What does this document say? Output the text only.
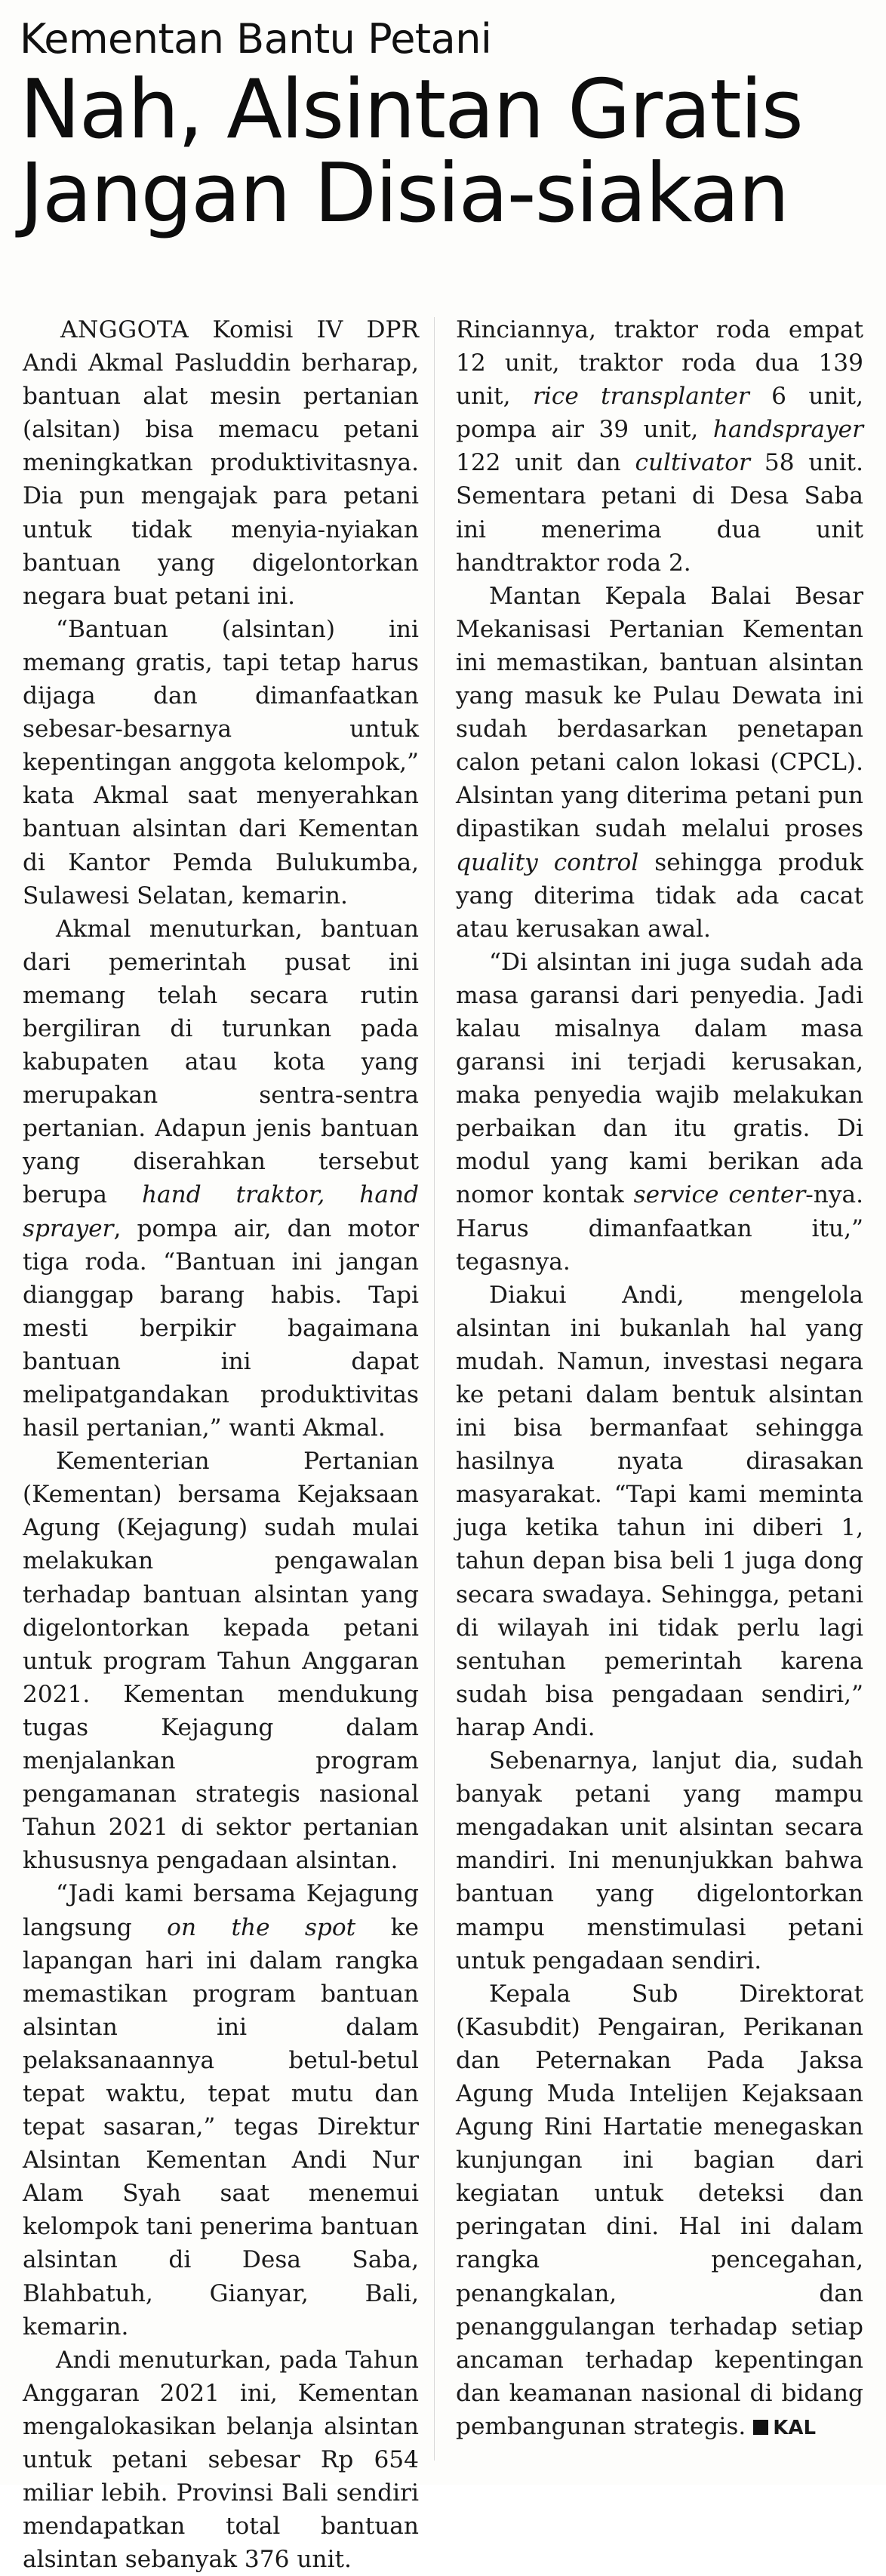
Kementan Bantu Petani
Nah, Alsintan Gratis
Jangan Disia-siakan

ANGGOTA Komisi IV DPR Andi Akmal Pasluddin berharap, bantuan alat mesin pertanian (alsitan) bisa memacu petani meningkatkan produktivitasnya. Dia pun mengajak para petani untuk tidak menyia-nyiakan bantuan yang digelontorkan negara buat petani ini.

“Bantuan (alsintan) ini memang gratis, tapi tetap harus dijaga dan dimanfaatkan sebesar-besarnya untuk kepentingan anggota kelompok,” kata Akmal saat menyerahkan bantuan alsintan dari Kementan di Kantor Pemda Bulukumba, Sulawesi Selatan, kemarin.

Akmal menuturkan, bantuan dari pemerintah pusat ini memang telah secara rutin bergiliran di turunkan pada kabupaten atau kota yang merupakan sentra-sentra pertanian. Adapun jenis bantuan yang diserahkan tersebut berupa hand traktor, hand sprayer, pompa air, dan motor tiga roda. “Bantuan ini jangan dianggap barang habis. Tapi mesti berpikir bagaimana bantuan ini dapat melipatgandakan produktivitas hasil pertanian,” wanti Akmal.

Kementerian Pertanian (Kementan) bersama Kejaksaan Agung (Kejagung) sudah mulai melakukan pengawalan terhadap bantuan alsintan yang digelontorkan kepada petani untuk program Tahun Anggaran 2021. Kementan mendukung tugas Kejagung dalam menjalankan program pengamanan strategis nasional Tahun 2021 di sektor pertanian khususnya pengadaan alsintan.

“Jadi kami bersama Kejagung langsung on the spot ke lapangan hari ini dalam rangka memastikan program bantuan alsintan ini dalam pelaksanaannya betul-betul tepat waktu, tepat mutu dan tepat sasaran,” tegas Direktur Alsintan Kementan Andi Nur Alam Syah saat menemui kelompok tani penerima bantuan alsintan di Desa Saba, Blahbatuh, Gianyar, Bali, kemarin.

Andi menuturkan, pada Tahun Anggaran 2021 ini, Kementan mengalokasikan belanja alsintan untuk petani sebesar Rp 654 miliar lebih. Provinsi Bali sendiri mendapatkan total bantuan alsintan sebanyak 376 unit.

Rinciannya, traktor roda empat 12 unit, traktor roda dua 139 unit, rice transplanter 6 unit, pompa air 39 unit, handsprayer 122 unit dan cultivator 58 unit. Sementara petani di Desa Saba ini menerima dua unit handtraktor roda 2.

Mantan Kepala Balai Besar Mekanisasi Pertanian Kementan ini memastikan, bantuan alsintan yang masuk ke Pulau Dewata ini sudah berdasarkan penetapan calon petani calon lokasi (CPCL). Alsintan yang diterima petani pun dipastikan sudah melalui proses quality control sehingga produk yang diterima tidak ada cacat atau kerusakan awal.

“Di alsintan ini juga sudah ada masa garansi dari penyedia. Jadi kalau misalnya dalam masa garansi ini terjadi kerusakan, maka penyedia wajib melakukan perbaikan dan itu gratis. Di modul yang kami berikan ada nomor kontak service center-nya. Harus dimanfaatkan itu,” tegasnya.

Diakui Andi, mengelola alsintan ini bukanlah hal yang mudah. Namun, investasi negara ke petani dalam bentuk alsintan ini bisa bermanfaat sehingga hasilnya nyata dirasakan masyarakat. “Tapi kami meminta juga ketika tahun ini diberi 1, tahun depan bisa beli 1 juga dong secara swadaya. Sehingga, petani di wilayah ini tidak perlu lagi sentuhan pemerintah karena sudah bisa pengadaan sendiri,” harap Andi.

Sebenarnya, lanjut dia, sudah banyak petani yang mampu mengadakan unit alsintan secara mandiri. Ini menunjukkan bahwa bantuan yang digelontorkan mampu menstimulasi petani untuk pengadaan sendiri.

Kepala Sub Direktorat (Kasubdit) Pengairan, Perikanan dan Peternakan Pada Jaksa Agung Muda Intelijen Kejaksaan Agung Rini Hartatie menegaskan kunjungan ini bagian dari kegiatan untuk deteksi dan peringatan dini. Hal ini dalam rangka pencegahan, penangkalan, dan penanggulangan terhadap setiap ancaman terhadap kepentingan dan keamanan nasional di bidang pembangunan strategis. KAL
